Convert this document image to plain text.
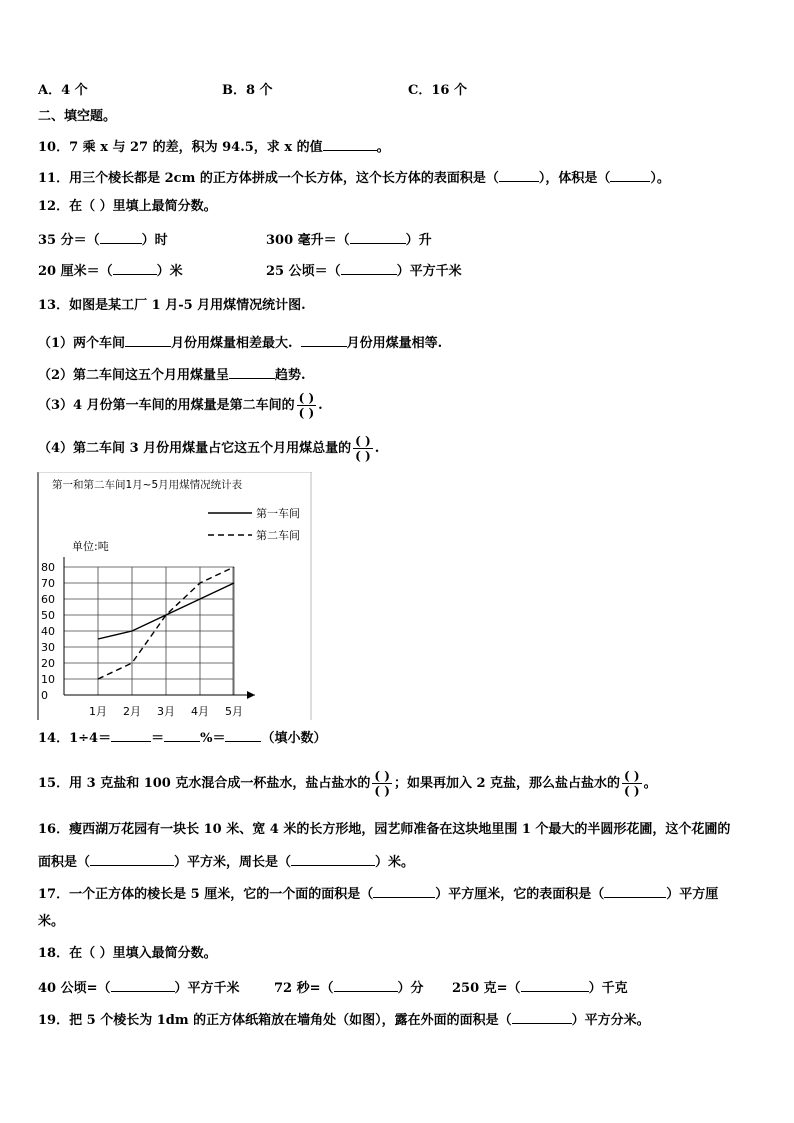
A．4 个	B．8 个	C．16 个
二、填空题。
10．7 乘 x 与 27 的差，积为 94.5，求 x 的值	。
11．用三个棱长都是 2cm 的正方体拼成一个长方体，这个长方体的表面积是（	），体积是（	）。
12．在（ ）里填上最简分数。
35 分＝（	）时	300 毫升＝（	）升
20 厘米＝（	）米	25 公顷＝（	）平方千米
13．如图是某工厂 1 月-5 月用煤情况统计图.
（1）两个车间	月份用煤量相差最大.	月份用煤量相等.
（2）第二车间这五个月用煤量呈	趋势.
（3）4 月份第一车间的用煤量是第二车间的 $\frac{( )}{( )}$ .
（4）第二车间 3 月份用煤量占它这五个月用煤总量的 $\frac{( )}{( )}$ .
第一和第二车间1月~5月用煤情况统计表
第一车间
第二车间
单位:吨
0
10
20
30
40
50
60
70
80
1月 2月 3月 4月 5月
14．1÷4＝	＝	%＝	（填小数）
15．用 3 克盐和 100 克水混合成一杯盐水，盐占盐水的 $\frac{( )}{( )}$ ；如果再加入 2 克盐，那么盐占盐水的 $\frac{( )}{( )}$ 。
16．瘦西湖万花园有一块长 10 米、宽 4 米的长方形地，园艺师准备在这块地里围 1 个最大的半圆形花圃，这个花圃的
面积是（	）平方米，周长是（	）米。
17．一个正方体的棱长是 5 厘米，它的一个面的面积是（	）平方厘米，它的表面积是（	）平方厘
米。
18．在（ ）里填入最简分数。
40 公顷=（	）平方千米	72 秒=（	）分 250 克=（	）千克
19．把 5 个棱长为 1dm 的正方体纸箱放在墙角处（如图），露在外面的面积是（	）平方分米。
